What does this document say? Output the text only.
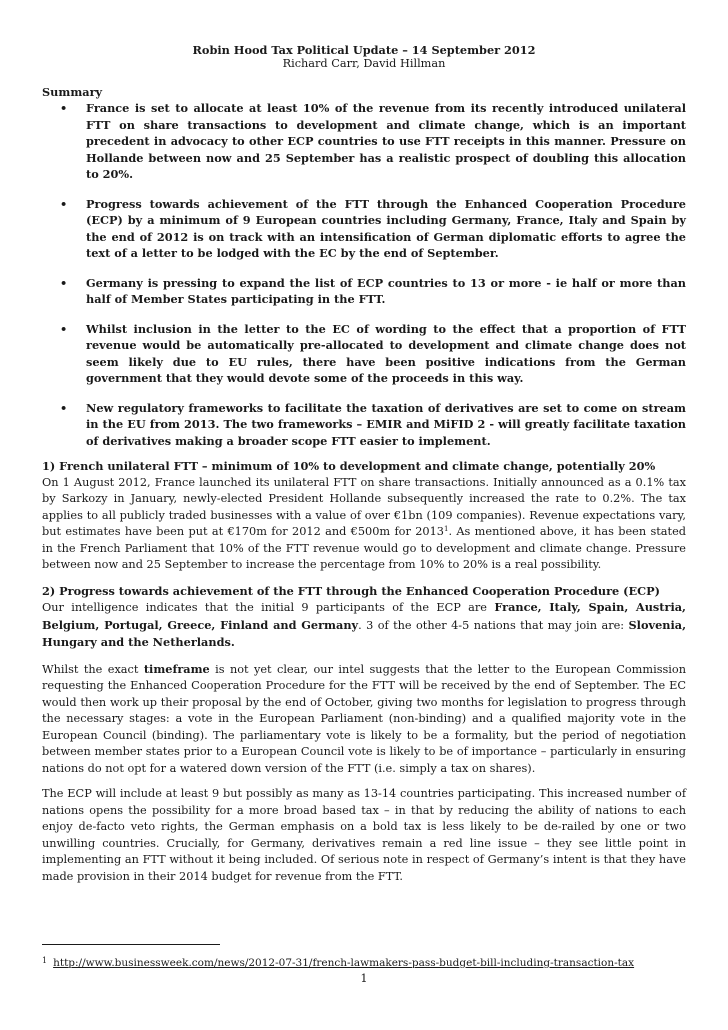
Robin Hood Tax Political Update – 14 September 2012
Richard Carr, David Hillman
Summary
• France is set to allocate at least 10% of the revenue from its recently introduced unilateral FTT on share transactions to development and climate change, which is an important precedent in advocacy to other ECP countries to use FTT receipts in this manner. Pressure on Hollande between now and 25 September has a realistic prospect of doubling this allocation to 20%.
• Progress towards achievement of the FTT through the Enhanced Cooperation Procedure (ECP) by a minimum of 9 European countries including Germany, France, Italy and Spain by the end of 2012 is on track with an intensification of German diplomatic efforts to agree the text of a letter to be lodged with the EC by the end of September.
• Germany is pressing to expand the list of ECP countries to 13 or more - ie half or more than half of Member States participating in the FTT.
• Whilst inclusion in the letter to the EC of wording to the effect that a proportion of FTT revenue would be automatically pre-allocated to development and climate change does not seem likely due to EU rules, there have been positive indications from the German government that they would devote some of the proceeds in this way.
• New regulatory frameworks to facilitate the taxation of derivatives are set to come on stream in the EU from 2013. The two frameworks – EMIR and MiFID 2 - will greatly facilitate taxation of derivatives making a broader scope FTT easier to implement.
1) French unilateral FTT – minimum of 10% to development and climate change, potentially 20%

On 1 August 2012, France launched its unilateral FTT on share transactions. Initially announced as a 0.1% tax by Sarkozy in January, newly-elected President Hollande subsequently increased the rate to 0.2%. The tax applies to all publicly traded businesses with a value of over €1bn (109 companies). Revenue expectations vary, but estimates have been put at €170m for 2012 and €500m for 2013$^1$. As mentioned above, it has been stated in the French Parliament that 10% of the FTT revenue would go to development and climate change. Pressure between now and 25 September to increase the percentage from 10% to 20% is a real possibility.

2) Progress towards achievement of the FTT through the Enhanced Cooperation Procedure (ECP)

Our intelligence indicates that the initial 9 participants of the ECP are France, Italy, Spain, Austria, Belgium, Portugal, Greece, Finland and Germany. 3 of the other 4-5 nations that may join are: Slovenia, Hungary and the Netherlands.

Whilst the exact timeframe is not yet clear, our intel suggests that the letter to the European Commission requesting the Enhanced Cooperation Procedure for the FTT will be received by the end of September. The EC would then work up their proposal by the end of October, giving two months for legislation to progress through the necessary stages: a vote in the European Parliament (non-binding) and a qualified majority vote in the European Council (binding). The parliamentary vote is likely to be a formality, but the period of negotiation between member states prior to a European Council vote is likely to be of importance – particularly in ensuring nations do not opt for a watered down version of the FTT (i.e. simply a tax on shares).

The ECP will include at least 9 but possibly as many as 13-14 countries participating. This increased number of nations opens the possibility for a more broad based tax – in that by reducing the ability of nations to each enjoy de-facto veto rights, the German emphasis on a bold tax is less likely to be de-railed by one or two unwilling countries. Crucially, for Germany, derivatives remain a red line issue – they see little point in implementing an FTT without it being included. Of serious note in respect of Germany’s intent is that they have made provision in their 2014 budget for revenue from the FTT.

$^1$ http://www.businessweek.com/news/2012-07-31/french-lawmakers-pass-budget-bill-including-transaction-tax
1
